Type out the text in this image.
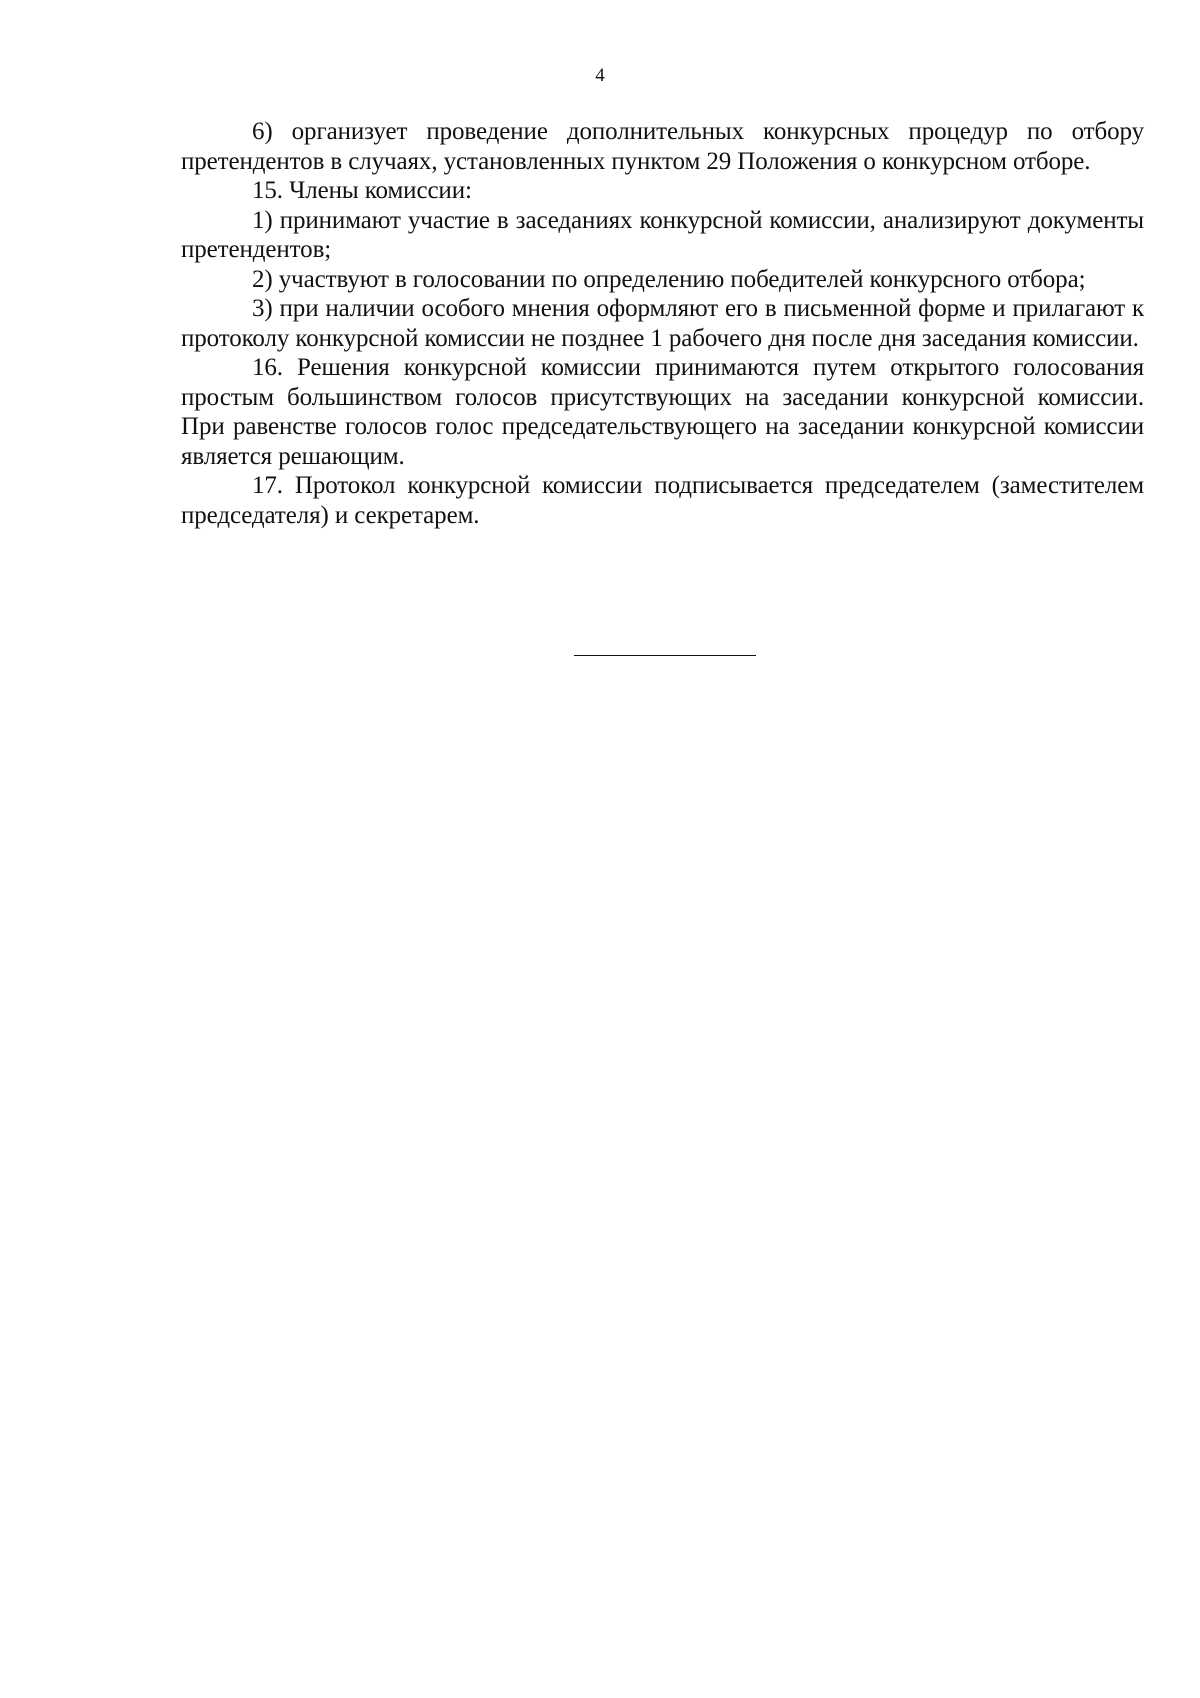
4

6) организует проведение дополнительных конкурсных процедур по отбору претендентов в случаях, установленных пунктом 29 Положения о конкурсном отборе.

15. Члены комиссии:

1) принимают участие в заседаниях конкурсной комиссии, анализируют документы претендентов;

2) участвуют в голосовании по определению победителей конкурсного отбора;

3) при наличии особого мнения оформляют его в письменной форме и прилагают к протоколу конкурсной комиссии не позднее 1 рабочего дня после дня заседания комиссии.

16. Решения конкурсной комиссии принимаются путем открытого голосования простым большинством голосов присутствующих на заседании конкурсной комиссии. При равенстве голосов голос председательствующего на заседании конкурсной комиссии является решающим.

17. Протокол конкурсной комиссии подписывается председателем (заместителем председателя) и секретарем.
